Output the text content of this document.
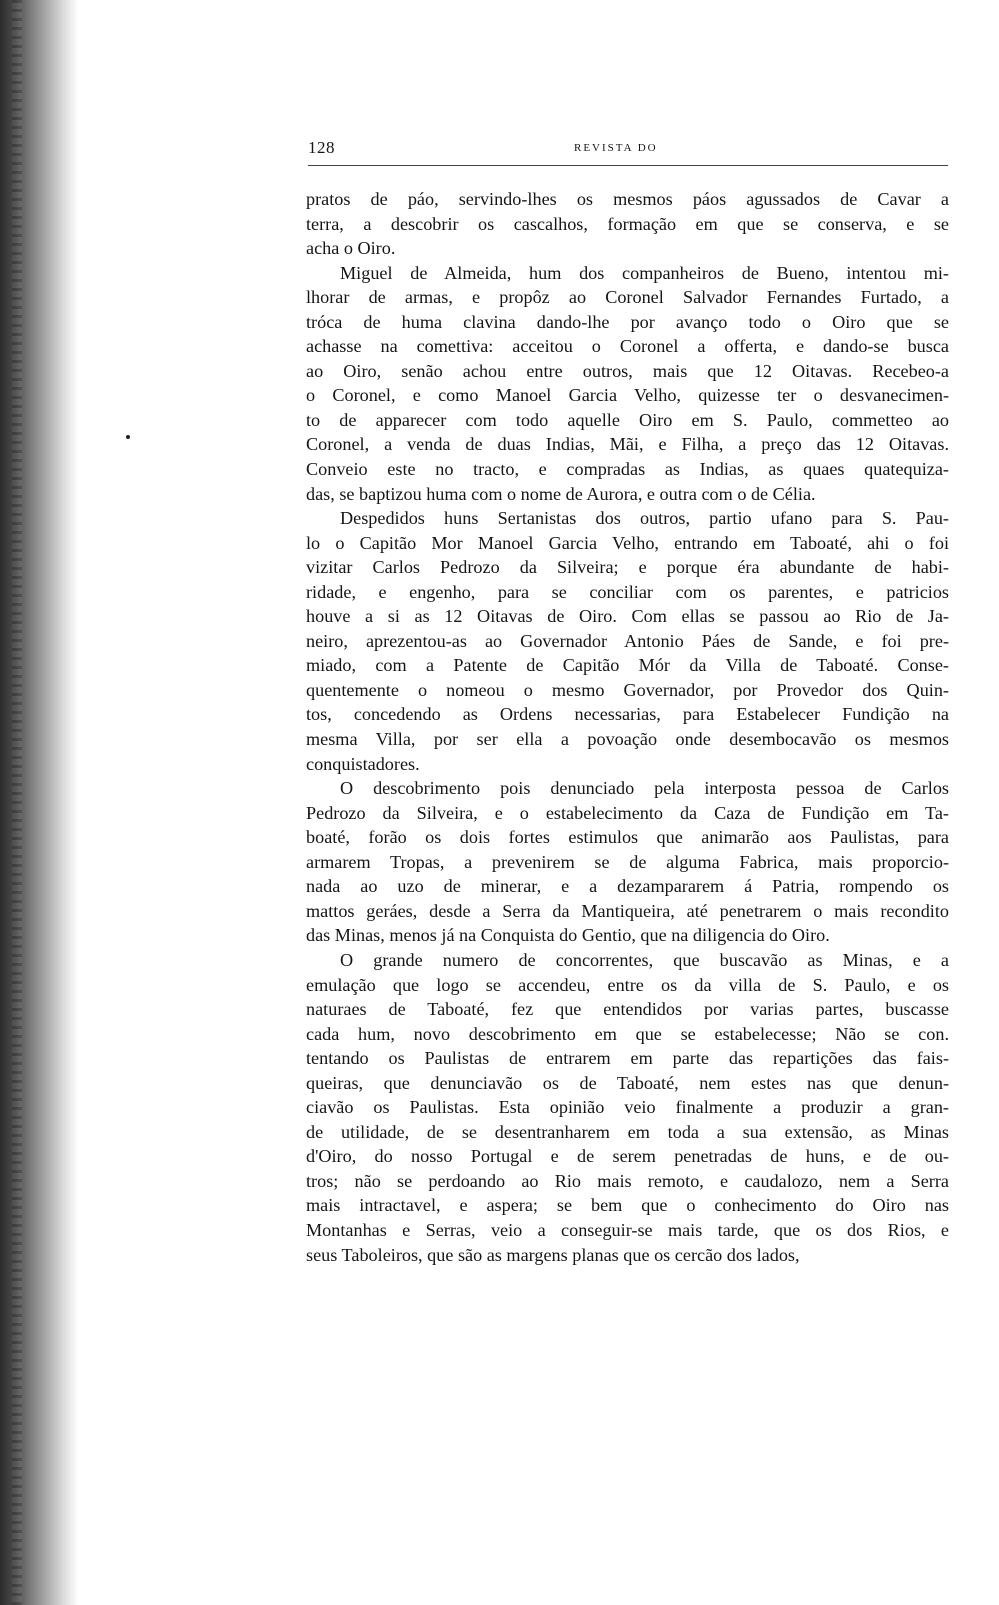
128	REVISTA DO

pratos de páo, servindo-lhes os mesmos páos agussados de Cavar a
terra, a descobrir os cascalhos, formação em que se conserva, e se
acha o Oiro.

Miguel de Almeida, hum dos companheiros de Bueno, intentou mi-
lhorar de armas, e propôz ao Coronel Salvador Fernandes Furtado, a
tróca de huma clavina dando-lhe por avanço todo o Oiro que se
achasse na comettiva: acceitou o Coronel a offerta, e dando-se busca
ao Oiro, senão achou entre outros, mais que 12 Oitavas. Recebeo-a
o Coronel, e como Manoel Garcia Velho, quizesse ter o desvanecimen-
to de apparecer com todo aquelle Oiro em S. Paulo, commetteo ao
Coronel, a venda de duas Indias, Mãi, e Filha, a preço das 12 Oitavas.
Conveio este no tracto, e compradas as Indias, as quaes quatequiza-
das, se baptizou huma com o nome de Aurora, e outra com o de Célia.

Despedidos huns Sertanistas dos outros, partio ufano para S. Pau-
lo o Capitão Mor Manoel Garcia Velho, entrando em Taboaté, ahi o foi
vizitar Carlos Pedrozo da Silveira; e porque éra abundante de habi-
ridade, e engenho, para se conciliar com os parentes, e patricios
houve a si as 12 Oitavas de Oiro. Com ellas se passou ao Rio de Ja-
neiro, aprezentou-as ao Governador Antonio Páes de Sande, e foi pre-
miado, com a Patente de Capitão Mór da Villa de Taboaté. Conse-
quentemente o nomeou o mesmo Governador, por Provedor dos Quin-
tos, concedendo as Ordens necessarias, para Estabelecer Fundição na
mesma Villa, por ser ella a povoação onde desembocavão os mesmos
conquistadores.

O descobrimento pois denunciado pela interposta pessoa de Carlos
Pedrozo da Silveira, e o estabelecimento da Caza de Fundição em Ta-
boaté, forão os dois fortes estimulos que animarão aos Paulistas, para
armarem Tropas, a prevenirem se de alguma Fabrica, mais proporcio-
nada ao uzo de minerar, e a dezampararem á Patria, rompendo os
mattos geráes, desde a Serra da Mantiqueira, até penetrarem o mais recondito
das Minas, menos já na Conquista do Gentio, que na diligencia do Oiro.

O grande numero de concorrentes, que buscavão as Minas, e a
emulação que logo se accendeu, entre os da villa de S. Paulo, e os
naturaes de Taboaté, fez que entendidos por varias partes, buscasse
cada hum, novo descobrimento em que se estabelecesse; Não se con.
tentando os Paulistas de entrarem em parte das repartições das fais-
queiras, que denunciavão os de Taboaté, nem estes nas que denun-
ciavão os Paulistas. Esta opinião veio finalmente a produzir a gran-
de utilidade, de se desentranharem em toda a sua extensão, as Minas
d'Oiro, do nosso Portugal e de serem penetradas de huns, e de ou-
tros; não se perdoando ao Rio mais remoto, e caudalozo, nem a Serra
mais intractavel, e aspera; se bem que o conhecimento do Oiro nas
Montanhas e Serras, veio a conseguir-se mais tarde, que os dos Rios, e
seus Taboleiros, que são as margens planas que os cercão dos lados,
